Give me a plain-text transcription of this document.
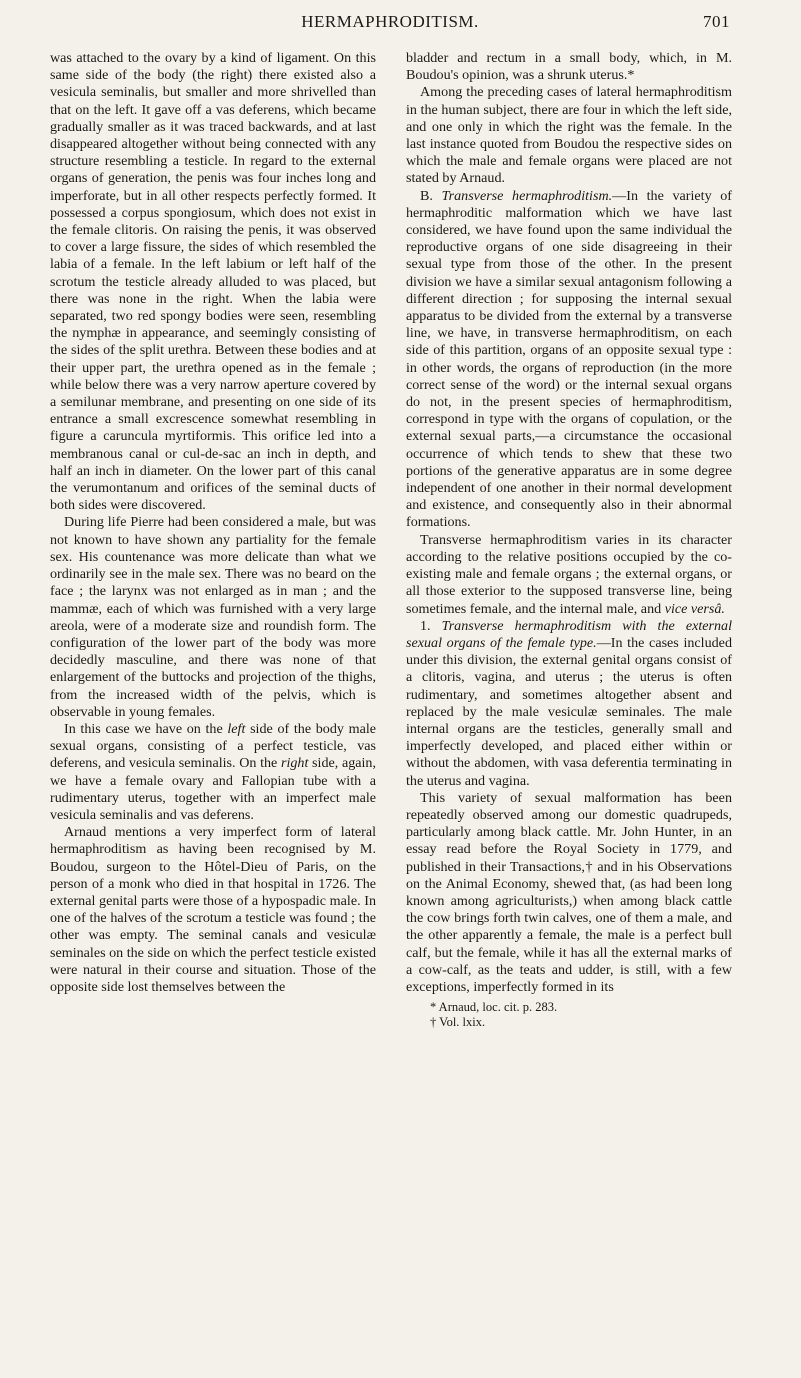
HERMAPHRODITISM.	701

was attached to the ovary by a kind of ligament. On this same side of the body (the right) there existed also a vesicula seminalis, but smaller and more shrivelled than that on the left. It gave off a vas deferens, which became gradually smaller as it was traced backwards, and at last disappeared altogether without being connected with any structure resembling a testicle. In regard to the external organs of generation, the penis was four inches long and imperforate, but in all other respects perfectly formed. It possessed a corpus spongiosum, which does not exist in the female clitoris. On raising the penis, it was observed to cover a large fissure, the sides of which resembled the labia of a female. In the left labium or left half of the scrotum the testicle already alluded to was placed, but there was none in the right. When the labia were separated, two red spongy bodies were seen, resembling the nymphæ in appearance, and seemingly consisting of the sides of the split urethra. Between these bodies and at their upper part, the urethra opened as in the female ; while below there was a very narrow aperture covered by a semilunar membrane, and presenting on one side of its entrance a small excrescence somewhat resembling in figure a caruncula myrtiformis. This orifice led into a membranous canal or cul-de-sac an inch in depth, and half an inch in diameter. On the lower part of this canal the verumontanum and orifices of the seminal ducts of both sides were discovered.

During life Pierre had been considered a male, but was not known to have shown any partiality for the female sex. His countenance was more delicate than what we ordinarily see in the male sex. There was no beard on the face ; the larynx was not enlarged as in man ; and the mammæ, each of which was furnished with a very large areola, were of a moderate size and roundish form. The configuration of the lower part of the body was more decidedly masculine, and there was none of that enlargement of the buttocks and projection of the thighs, from the increased width of the pelvis, which is observable in young females.

In this case we have on the left side of the body male sexual organs, consisting of a perfect testicle, vas deferens, and vesicula seminalis. On the right side, again, we have a female ovary and Fallopian tube with a rudimentary uterus, together with an imperfect male vesicula seminalis and vas deferens.

Arnaud mentions a very imperfect form of lateral hermaphroditism as having been recognised by M. Boudou, surgeon to the Hôtel-Dieu of Paris, on the person of a monk who died in that hospital in 1726. The external genital parts were those of a hypospadic male. In one of the halves of the scrotum a testicle was found ; the other was empty. The seminal canals and vesiculæ seminales on the side on which the perfect testicle existed were natural in their course and situation. Those of the opposite side lost themselves between the

bladder and rectum in a small body, which, in M. Boudou's opinion, was a shrunk uterus.*

Among the preceding cases of lateral hermaphroditism in the human subject, there are four in which the left side, and one only in which the right was the female. In the last instance quoted from Boudou the respective sides on which the male and female organs were placed are not stated by Arnaud.

B. Transverse hermaphroditism.—In the variety of hermaphroditic malformation which we have last considered, we have found upon the same individual the reproductive organs of one side disagreeing in their sexual type from those of the other. In the present division we have a similar sexual antagonism following a different direction ; for supposing the internal sexual apparatus to be divided from the external by a transverse line, we have, in transverse hermaphroditism, on each side of this partition, organs of an opposite sexual type : in other words, the organs of reproduction (in the more correct sense of the word) or the internal sexual organs do not, in the present species of hermaphroditism, correspond in type with the organs of copulation, or the external sexual parts,—a circumstance the occasional occurrence of which tends to shew that these two portions of the generative apparatus are in some degree independent of one another in their normal development and existence, and consequently also in their abnormal formations.

Transverse hermaphroditism varies in its character according to the relative positions occupied by the co-existing male and female organs ; the external organs, or all those exterior to the supposed transverse line, being sometimes female, and the internal male, and vice versâ.

1. Transverse hermaphroditism with the external sexual organs of the female type.—In the cases included under this division, the external genital organs consist of a clitoris, vagina, and uterus ; the uterus is often rudimentary, and sometimes altogether absent and replaced by the male vesiculæ seminales. The male internal organs are the testicles, generally small and imperfectly developed, and placed either within or without the abdomen, with vasa deferentia terminating in the uterus and vagina.

This variety of sexual malformation has been repeatedly observed among our domestic quadrupeds, particularly among black cattle. Mr. John Hunter, in an essay read before the Royal Society in 1779, and published in their Transactions,† and in his Observations on the Animal Economy, shewed that, (as had been long known among agriculturists,) when among black cattle the cow brings forth twin calves, one of them a male, and the other apparently a female, the male is a perfect bull calf, but the female, while it has all the external marks of a cow-calf, as the teats and udder, is still, with a few exceptions, imperfectly formed in its

* Arnaud, loc. cit. p. 283.
† Vol. lxix.
